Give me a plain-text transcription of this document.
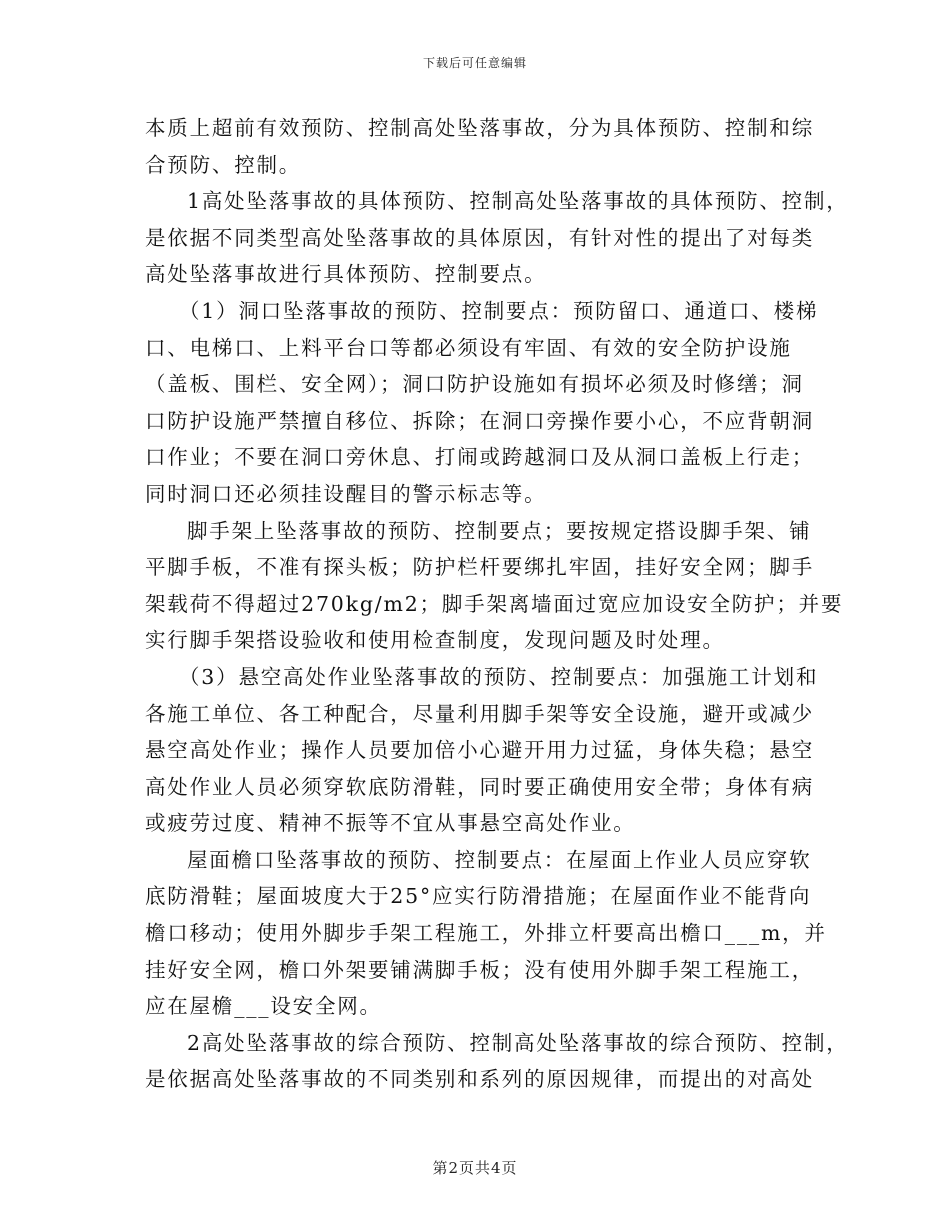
下载后可任意编辑

本质上超前有效预防、控制高处坠落事故，分为具体预防、控制和综
合预防、控制。

1高处坠落事故的具体预防、控制高处坠落事故的具体预防、控制，
是依据不同类型高处坠落事故的具体原因，有针对性的提出了对每类
高处坠落事故进行具体预防、控制要点。

（1）洞口坠落事故的预防、控制要点：预防留口、通道口、楼梯
口、电梯口、上料平台口等都必须设有牢固、有效的安全防护设施
（盖板、围栏、安全网）；洞口防护设施如有损坏必须及时修缮；洞
口防护设施严禁擅自移位、拆除；在洞口旁操作要小心，不应背朝洞
口作业；不要在洞口旁休息、打闹或跨越洞口及从洞口盖板上行走；
同时洞口还必须挂设醒目的警示标志等。

脚手架上坠落事故的预防、控制要点；要按规定搭设脚手架、铺
平脚手板，不准有探头板；防护栏杆要绑扎牢固，挂好安全网；脚手
架载荷不得超过270kg/m2；脚手架离墙面过宽应加设安全防护；并要
实行脚手架搭设验收和使用检查制度，发现问题及时处理。

（3）悬空高处作业坠落事故的预防、控制要点：加强施工计划和
各施工单位、各工种配合，尽量利用脚手架等安全设施，避开或减少
悬空高处作业；操作人员要加倍小心避开用力过猛，身体失稳；悬空
高处作业人员必须穿软底防滑鞋，同时要正确使用安全带；身体有病
或疲劳过度、精神不振等不宜从事悬空高处作业。

屋面檐口坠落事故的预防、控制要点：在屋面上作业人员应穿软
底防滑鞋；屋面坡度大于25°应实行防滑措施；在屋面作业不能背向
檐口移动；使用外脚步手架工程施工，外排立杆要高出檐口___m，并
挂好安全网，檐口外架要铺满脚手板；没有使用外脚手架工程施工，
应在屋檐___设安全网。

2高处坠落事故的综合预防、控制高处坠落事故的综合预防、控制，
是依据高处坠落事故的不同类别和系列的原因规律，而提出的对高处

第2页共4页
